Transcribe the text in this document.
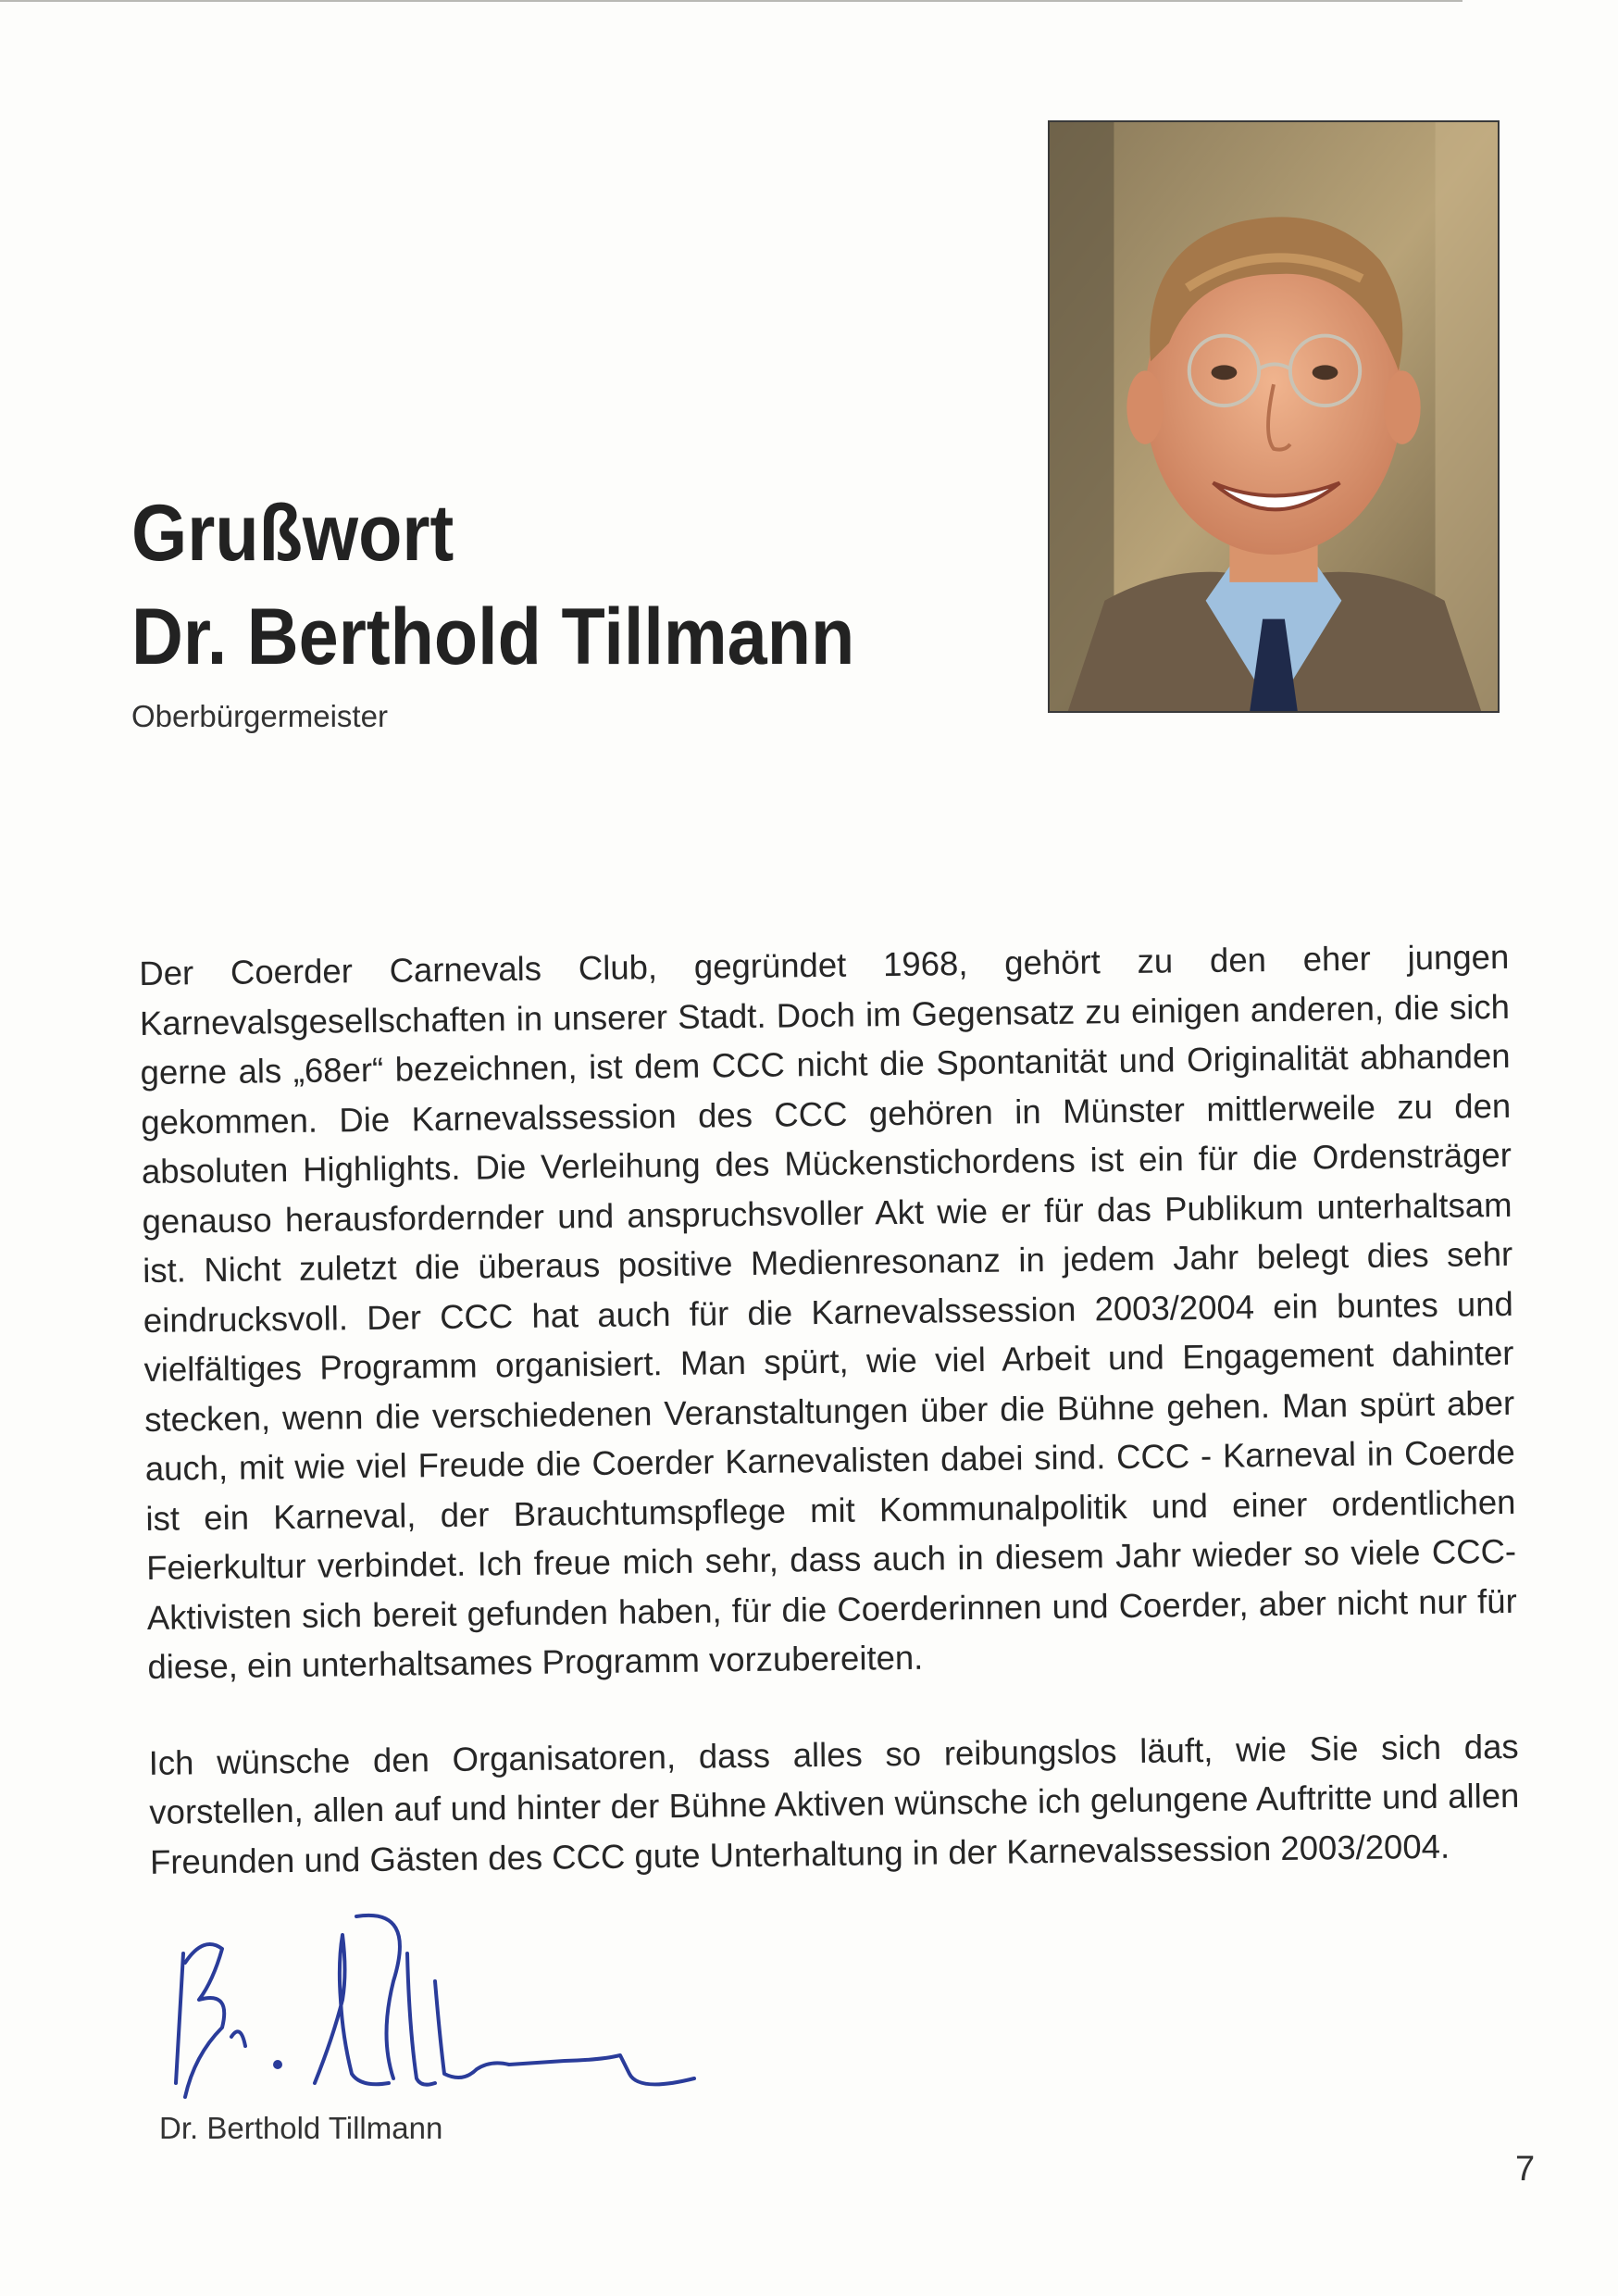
Grußwort
Dr. Berthold Tillmann
Oberbürgermeister

Der Coerder Carnevals Club, gegründet 1968, gehört zu den eher jungen Karnevalsgesellschaften in unserer Stadt. Doch im Gegensatz zu einigen anderen, die sich gerne als „68er“ bezeichnen, ist dem CCC nicht die Spontanität und Originalität abhanden gekommen. Die Karnevalssession des CCC gehören in Münster mittlerweile zu den absoluten Highlights. Die Verleihung des Mückenstichordens ist ein für die Ordensträger genauso herausfordernder und anspruchsvoller Akt wie er für das Publikum unterhaltsam ist. Nicht zuletzt die überaus positive Medienresonanz in jedem Jahr belegt dies sehr eindrucksvoll. Der CCC hat auch für die Karnevalssession 2003/2004 ein buntes und vielfältiges Programm organisiert. Man spürt, wie viel Arbeit und Engagement dahinter stecken, wenn die verschiedenen Veranstaltungen über die Bühne gehen. Man spürt aber auch, mit wie viel Freude die Coerder Karnevalisten dabei sind. CCC - Karneval in Coerde ist ein Karneval, der Brauchtumspflege mit Kommunalpolitik und einer ordentlichen Feierkultur verbindet. Ich freue mich sehr, dass auch in diesem Jahr wieder so viele CCC-Aktivisten sich bereit gefunden haben, für die Coerderinnen und Coerder, aber nicht nur für diese, ein unterhaltsames Programm vorzubereiten.

Ich wünsche den Organisatoren, dass alles so reibungslos läuft, wie Sie sich das vorstellen, allen auf und hinter der Bühne Aktiven wünsche ich gelungene Auftritte und allen Freunden und Gästen des CCC gute Unterhaltung in der Karnevalssession 2003/2004.

Dr. Berthold Tillmann
7
